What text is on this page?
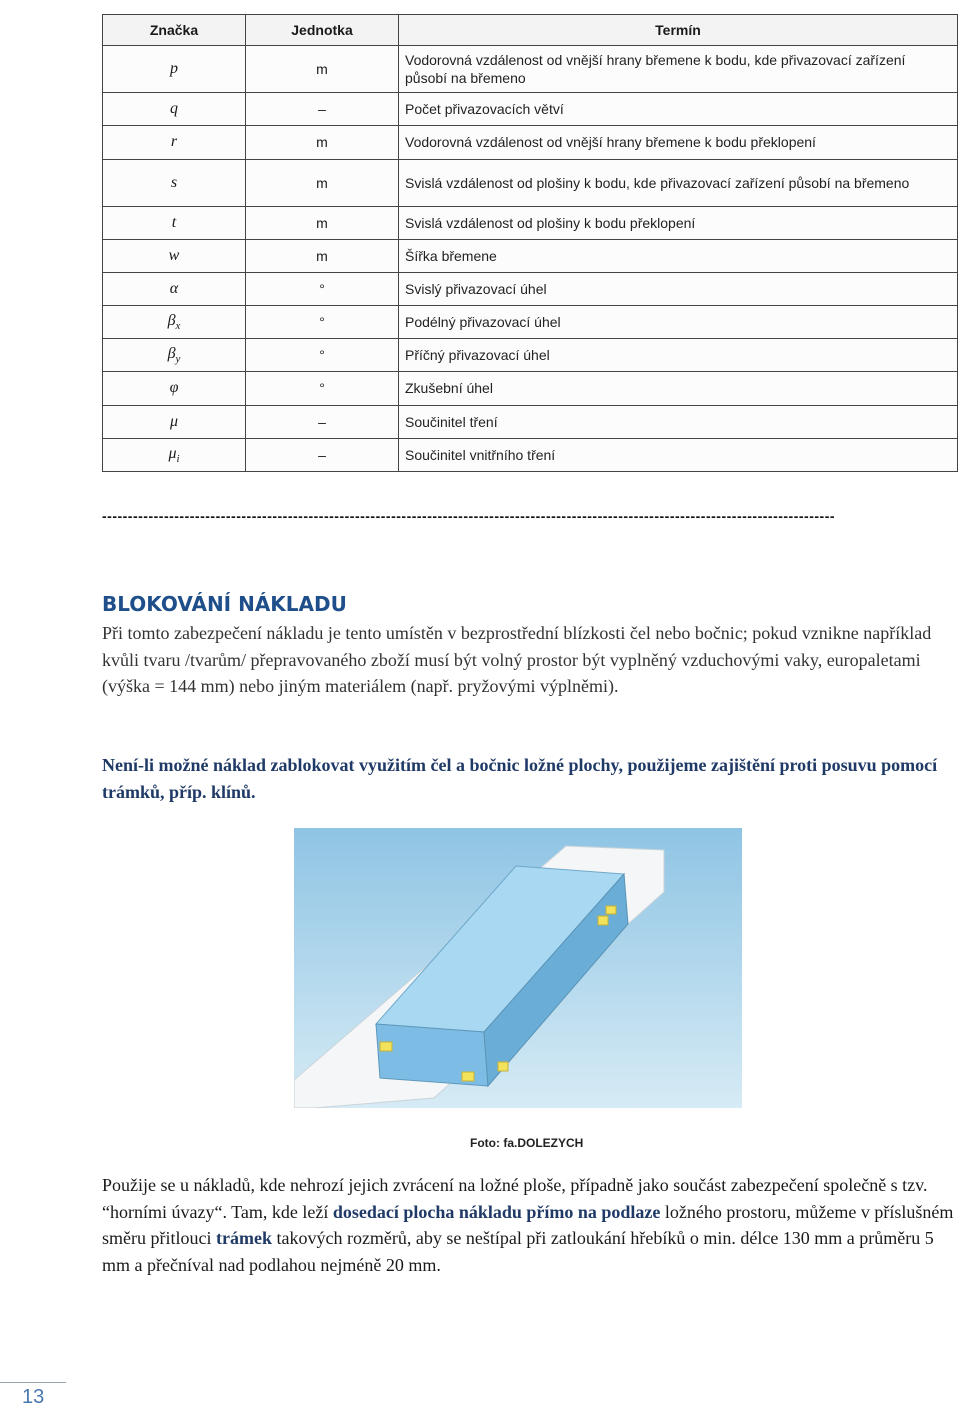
Značka	Jednotka	Termín
p	m	Vodorovná vzdálenost od vnější hrany břemene k bodu, kde přivazovací zařízení působí na břemeno
q	–	Počet přivazovacích větví
r	m	Vodorovná vzdálenost od vnější hrany břemene k bodu překlopení
s	m	Svislá vzdálenost od plošiny k bodu, kde přivazovací zařízení působí na břemeno
t	m	Svislá vzdálenost od plošiny k bodu překlopení
w	m	Šířka břemene
α	°	Svislý přivazovací úhel
$\beta_x$	°	Podélný přivazovací úhel
$\beta_y$	°	Příčný přivazovací úhel
φ	°	Zkušební úhel
μ	–	Součinitel tření
$\mu_i$	–	Součinitel vnitřního tření
----------------------------------------------------------------------------------------------------------------------------------------------
BLOKOVÁNÍ NÁKLADU
Při tomto zabezpečení nákladu je tento umístěn v bezprostřední blízkosti čel nebo bočnic; pokud vznikne například kvůli tvaru /tvarům/ přepravovaného zboží musí být volný prostor být vyplněný vzduchovými vaky, europaletami (výška = 144 mm) nebo jiným materiálem (např. pryžovými výplněmi).
Není-li možné náklad zablokovat využitím čel a bočnic ložné plochy, použijeme zajištění proti posuvu pomocí trámků, příp. klínů.
Foto: fa.DOLEZYCH
Použije se u nákladů, kde nehrozí jejich zvrácení na ložné ploše, případně jako součást zabezpečení společně s tzv. “horními úvazy“. Tam, kde leží dosedací plocha nákladu přímo na podlaze ložného prostoru, můžeme v příslušném směru přitlouci trámek takových rozměrů, aby se neštípal při zatloukání hřebíků o min. délce 130 mm a průměru 5 mm a přečníval nad podlahou nejméně 20 mm.
13
